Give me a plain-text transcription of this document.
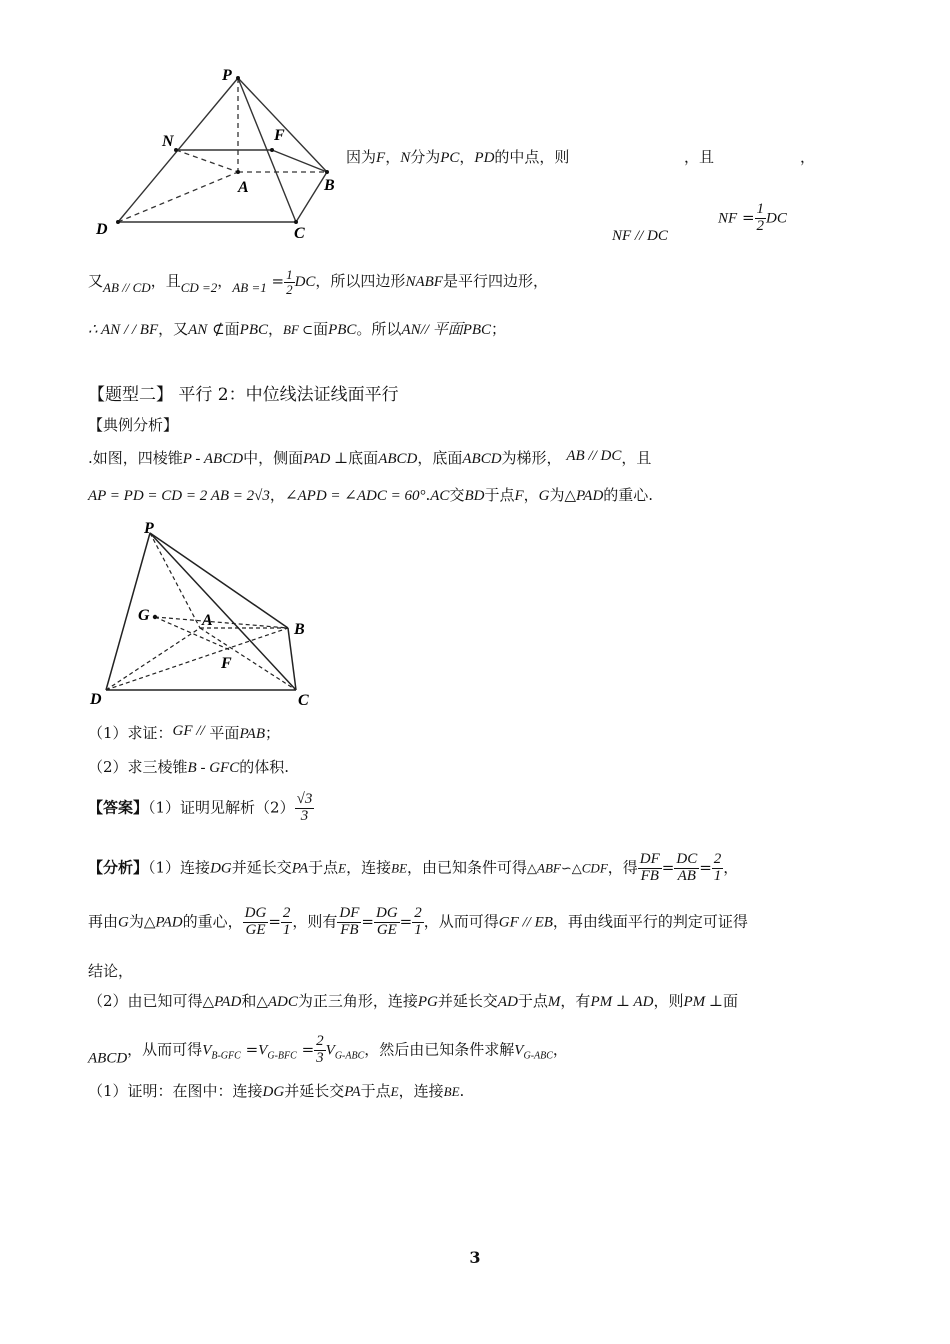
P
N	F
A	B
C
D
因为F，N分为PC，PD的中点，则	，且	，
NF // DC
NF = $\frac{1}{2}$ DC
又AB // CD，且CD =2，AB $=1 = \frac{1}{2}$ DC，所以四边形NABF是平行四边形，
∴ AN / / BF，又AN ⊄面PBC，BF ⊂面PBC。所以AN// 平面PBC；
【题型二】 平行 2：中位线法证线面平行
【典例分析】
.如图，四棱锥P - ABCD中，侧面PAD ⊥底面ABCD，底面ABCD为梯形， AB // DC，且
AP = PD = CD = 2 AB = 2√3，∠APD = ∠ADC = 60°.AC交BD于点F，G为△PAD的重心.
P
G	A
B
F
C
D
（1）求证：GF // 平面PAB；
（2）求三棱锥B - GFC的体积.
【答案】（1）证明见解析$(2) \frac{√3}{3}$
【分析】（1）连接DG并延长交PA于点E，连接BE，由已知条件可得△ABF∽△CDF，得 $\frac{DF}{FB} = \frac{DC}{AB} = \frac{2}{1}$ ，
再由G为△PAD的重心， $\frac{DG}{GE} = \frac{2}{1}$ ，则有 $\frac{DF}{FB} = \frac{DG}{GE} = \frac{2}{1}$ ，从而可得GF // EB，再由线面平行的判定可证得
结论，
（2）由已知可得△PAD和△ADC为正三角形，连接PG并延长交AD于点M，有PM ⊥ AD，则PM ⊥面
ABCD，从而可得$V_{B-GFC} =V_{G-BFC} = \frac{2}{3} V_{G-ABC}$，然后由已知条件求解$V_{G-ABC}$，
（1）证明：在图中：连接DG并延长交PA于点E，连接BE.
3
